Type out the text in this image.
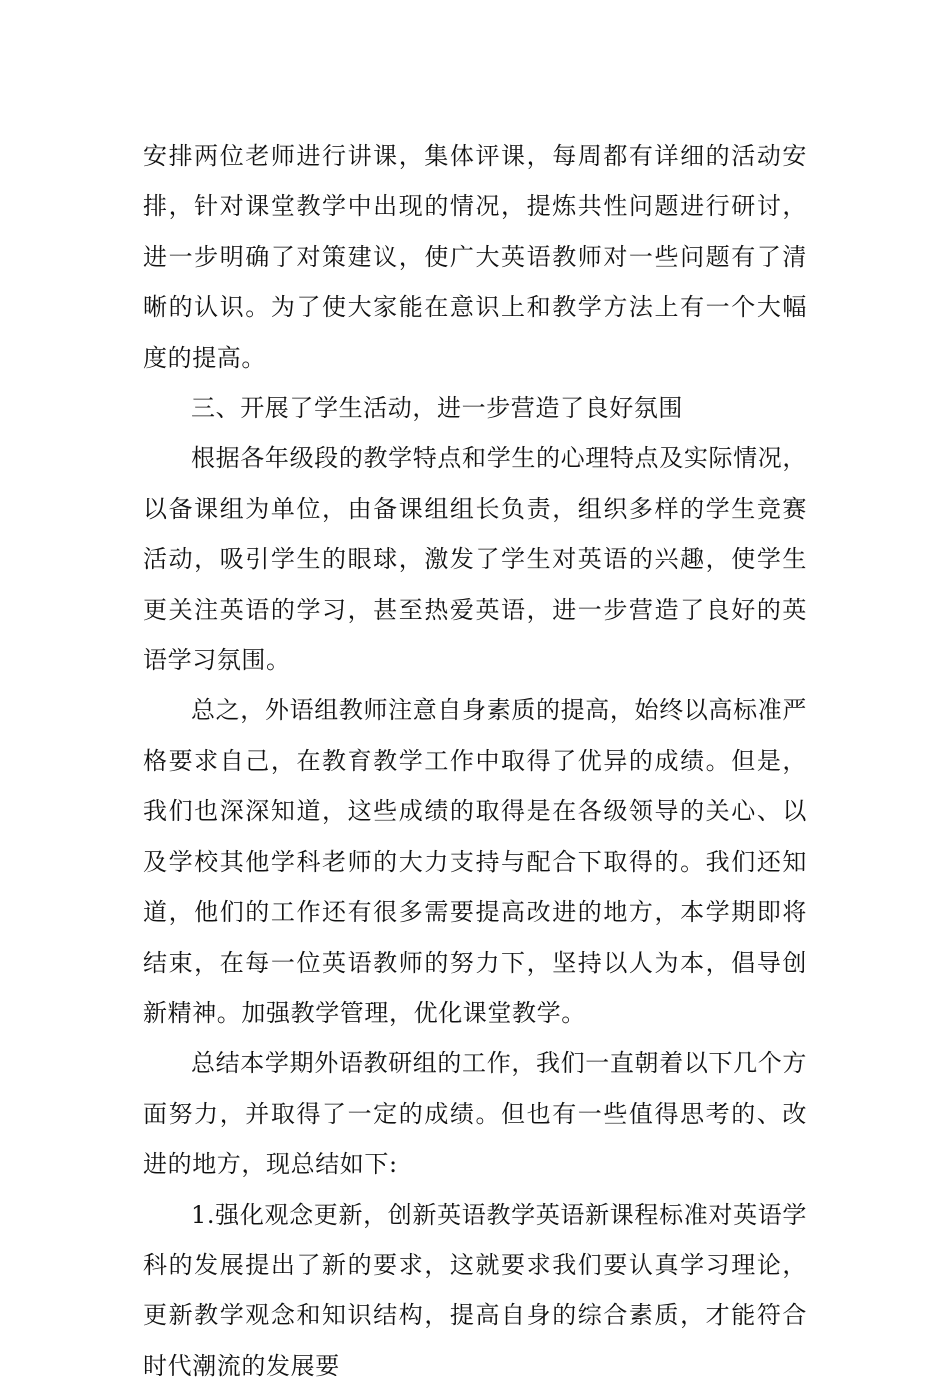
安排两位老师进行讲课，集体评课，每周都有详细的活动安排，针对课堂教学中出现的情况，提炼共性问题进行研讨，进一步明确了对策建议，使广大英语教师对一些问题有了清晰的认识。为了使大家能在意识上和教学方法上有一个大幅度的提高。

三、开展了学生活动，进一步营造了良好氛围

根据各年级段的教学特点和学生的心理特点及实际情况，以备课组为单位，由备课组组长负责，组织多样的学生竞赛活动，吸引学生的眼球，激发了学生对英语的兴趣，使学生更关注英语的学习，甚至热爱英语，进一步营造了良好的英语学习氛围。

总之，外语组教师注意自身素质的提高，始终以高标准严格要求自己，在教育教学工作中取得了优异的成绩。但是，我们也深深知道，这些成绩的取得是在各级领导的关心、以及学校其他学科老师的大力支持与配合下取得的。我们还知道，他们的工作还有很多需要提高改进的地方，本学期即将结束，在每一位英语教师的努力下，坚持以人为本，倡导创新精神。加强教学管理，优化课堂教学。

总结本学期外语教研组的工作，我们一直朝着以下几个方面努力，并取得了一定的成绩。但也有一些值得思考的、改进的地方，现总结如下:

1.强化观念更新，创新英语教学英语新课程标准对英语学科的发展提出了新的要求，这就要求我们要认真学习理论，更新教学观念和知识结构，提高自身的综合素质，才能符合时代潮流的发展要
